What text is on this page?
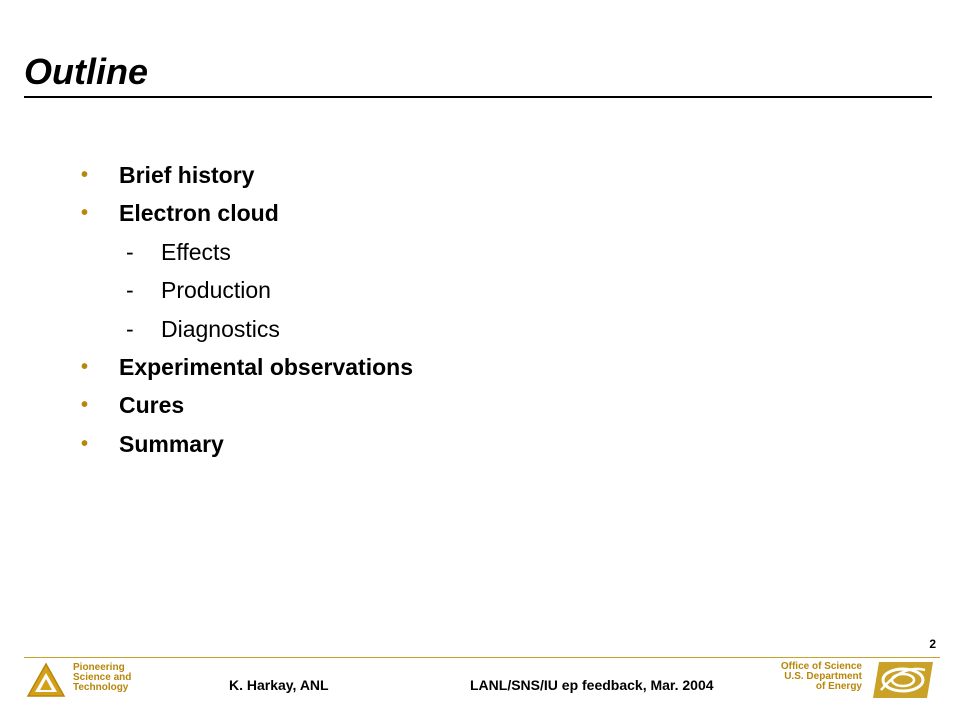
Outline
• Brief history
• Electron cloud
- Effects
- Production
- Diagnostics
• Experimental observations
• Cures
• Summary
2
Pioneering
Science and
Technology	K. Harkay, ANL	LANL/SNS/IU ep feedback, Mar. 2004
Office of Science
U.S. Department
of Energy
